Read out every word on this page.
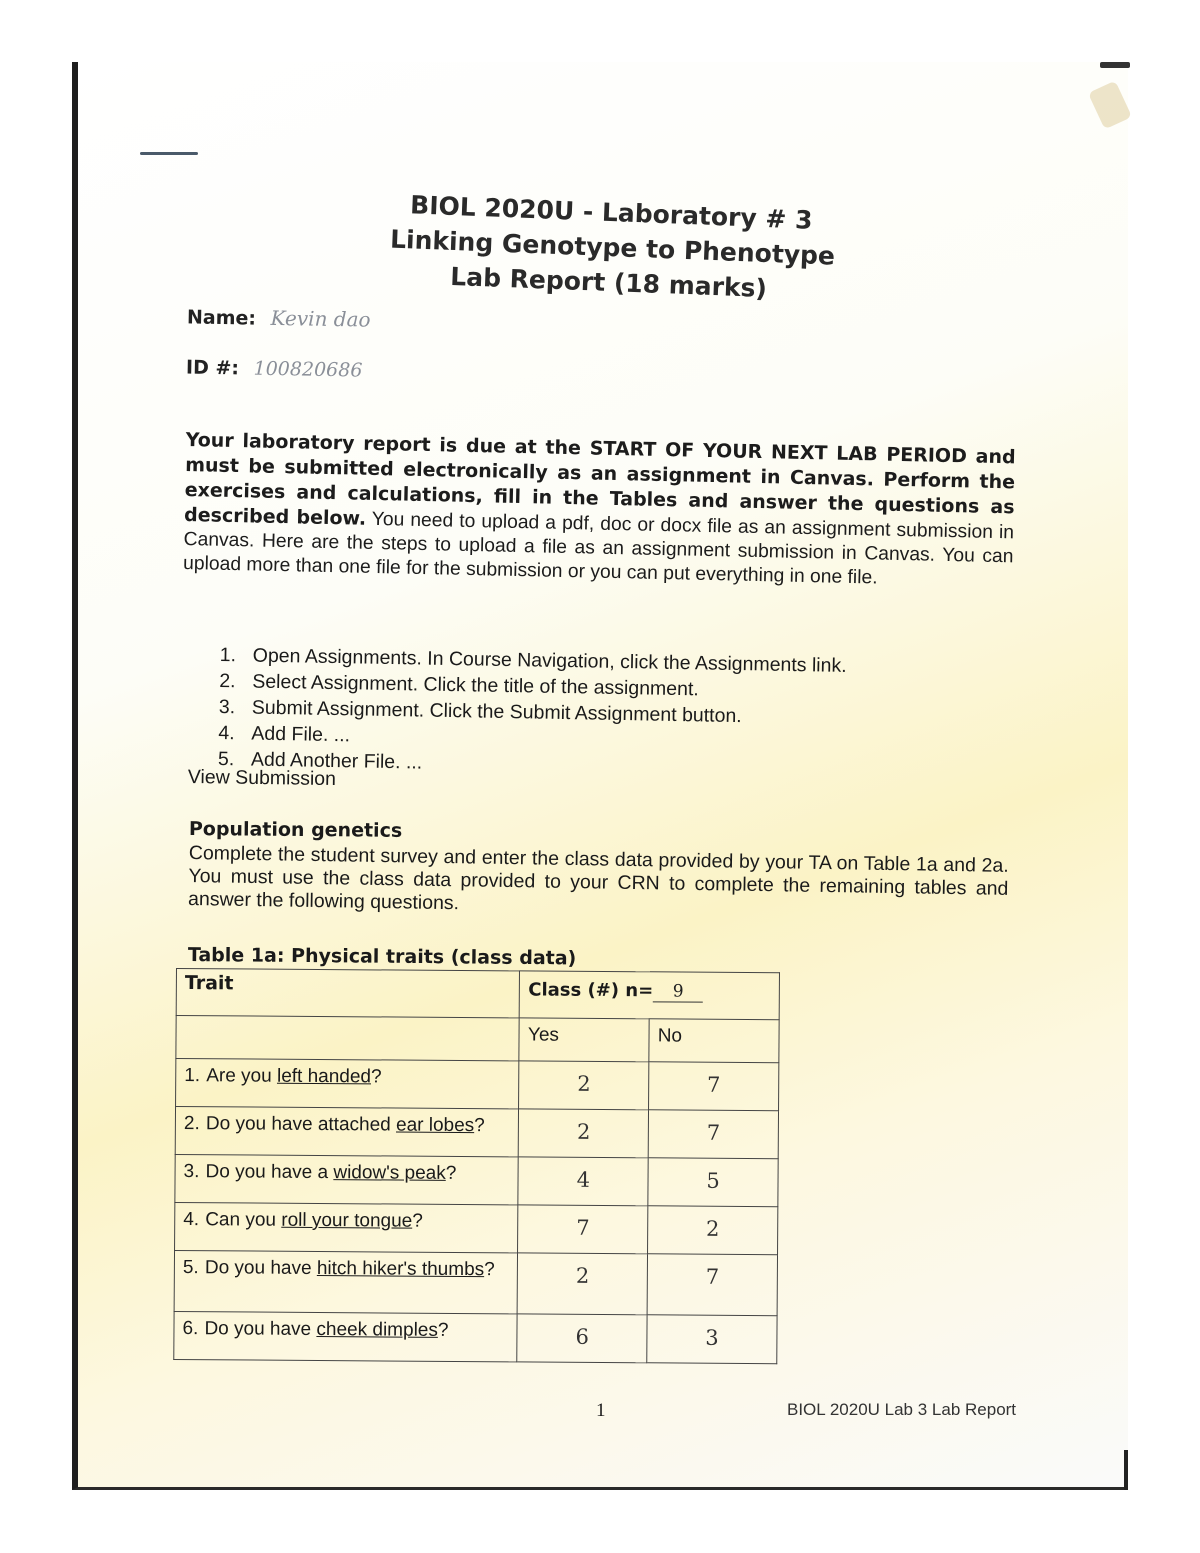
BIOL 2020U - Laboratory # 3
Linking Genotype to Phenotype
Lab Report (18 marks)
Name: Kevin dao
ID #: 100820686

Your laboratory report is due at the START OF YOUR NEXT LAB PERIOD and must be submitted electronically as an assignment in Canvas. Perform the exercises and calculations, fill in the Tables and answer the questions as described below. You need to upload a pdf, doc or docx file as an assignment submission in Canvas. Here are the steps to upload a file as an assignment submission in Canvas. You can upload more than one file for the submission or you can put everything in one file.

1. Open Assignments. In Course Navigation, click the Assignments link.
2. Select Assignment. Click the title of the assignment.
3. Submit Assignment. Click the Submit Assignment button.
4. Add File. ...
5. Add Another File. ...
View Submission
Population genetics
Complete the student survey and enter the class data provided by your TA on Table 1a and 2a. You must use the class data provided to your CRN to complete the remaining tables and answer the following questions.
Table 1a: Physical traits (class data)
Trait	Class (#) n= 9	
	Yes	No
1. Are you left handed?	2	7
2. Do you have attached ear lobes?	2	7
3. Do you have a widow's peak?	4	5
4. Can you roll your tongue?	7	2
5. Do you have hitch hiker's thumbs?	2	7
6. Do you have cheek dimples?	6	3
1	BIOL 2020U Lab 3 Lab Report
